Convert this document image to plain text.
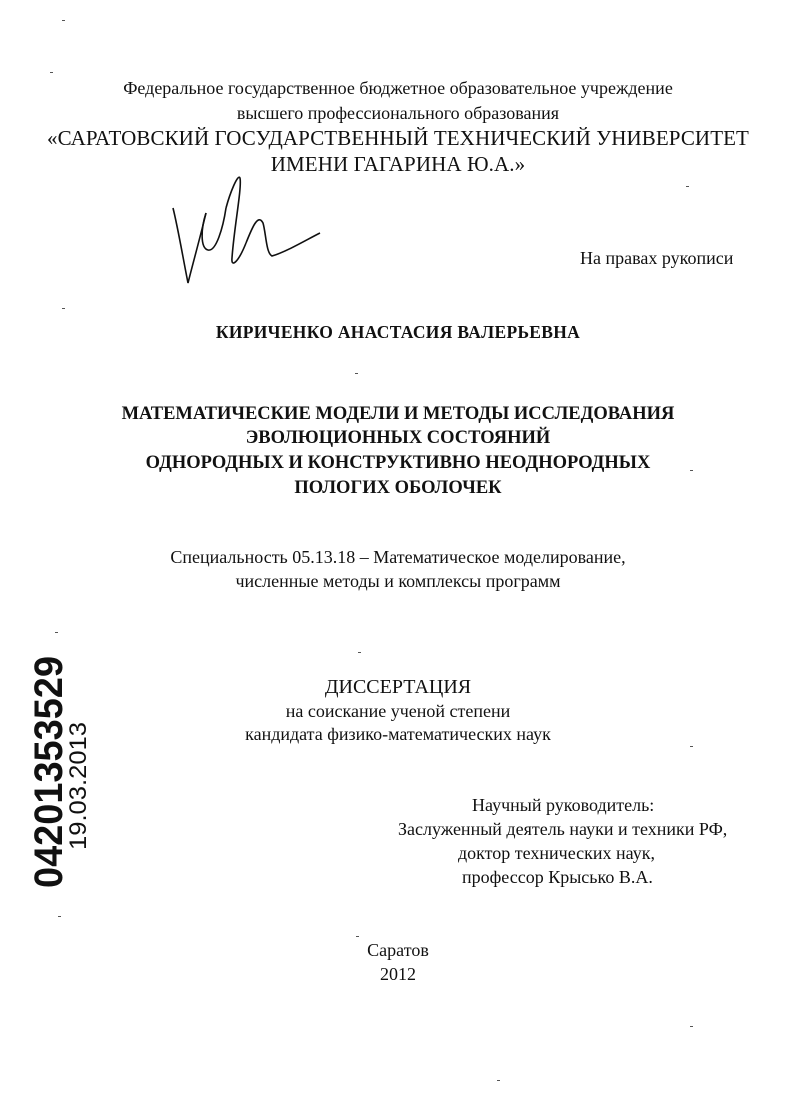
Федеральное государственное бюджетное образовательное учреждение
высшего профессионального образования
«САРАТОВСКИЙ ГОСУДАРСТВЕННЫЙ ТЕХНИЧЕСКИЙ УНИВЕРСИТЕТ
ИМЕНИ ГАГАРИНА Ю.А.»
На правах рукописи
КИРИЧЕНКО АНАСТАСИЯ ВАЛЕРЬЕВНА
МАТЕМАТИЧЕСКИЕ МОДЕЛИ И МЕТОДЫ ИССЛЕДОВАНИЯ
ЭВОЛЮЦИОННЫХ СОСТОЯНИЙ
ОДНОРОДНЫХ И КОНСТРУКТИВНО НЕОДНОРОДНЫХ
ПОЛОГИХ ОБОЛОЧЕК
Специальность 05.13.18 – Математическое моделирование,
численные методы и комплексы программ
ДИССЕРТАЦИЯ
на соискание ученой степени
кандидата физико-математических наук
Научный руководитель:
Заслуженный деятель науки и техники РФ,
доктор технических наук,
профессор Крысько В.А.
Саратов
2012
04201353529
19.03.2013
